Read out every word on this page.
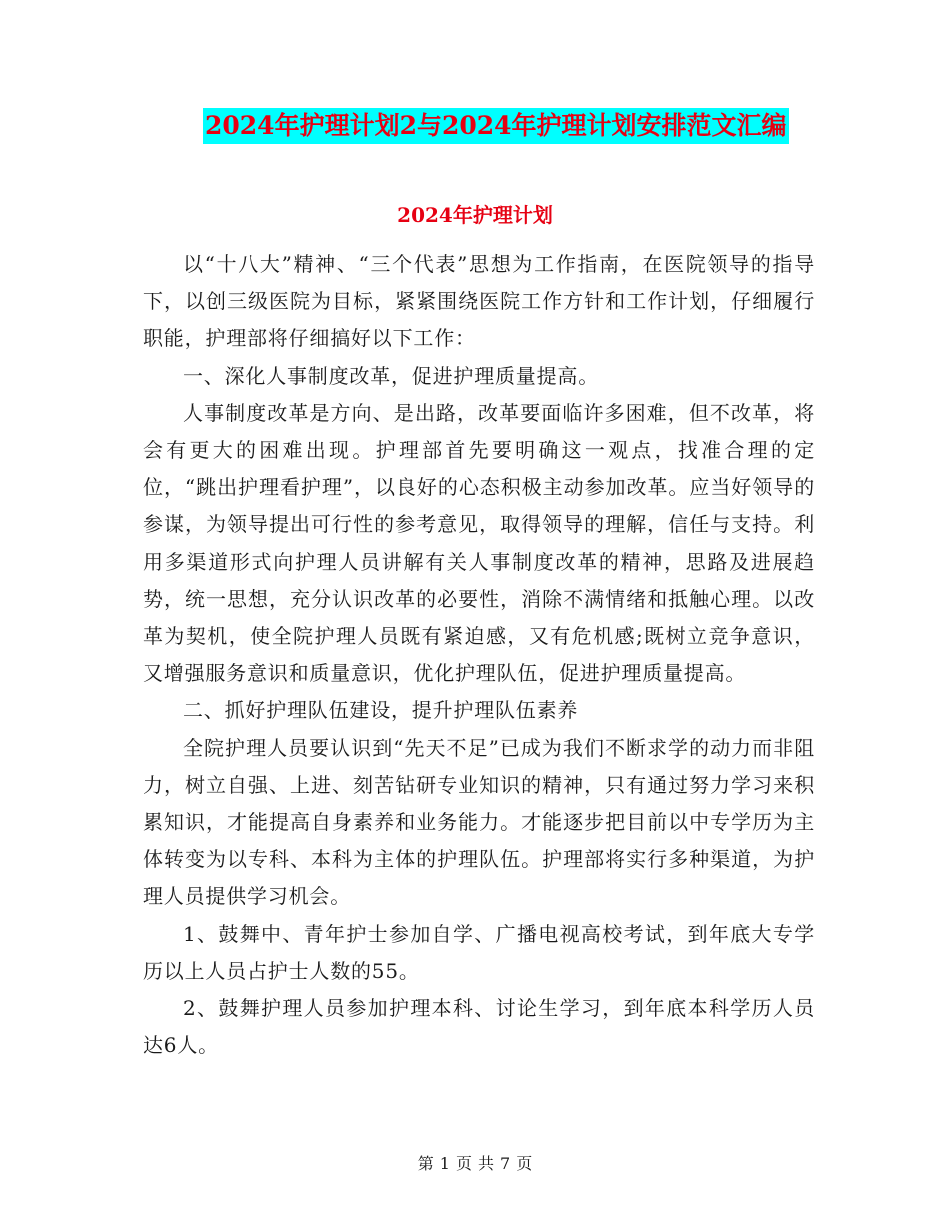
2024年护理计划2与2024年护理计划安排范文汇编
2024年护理计划

以“十八大”精神、“三个代表”思想为工作指南，在医院领导的指导下，以创三级医院为目标，紧紧围绕医院工作方针和工作计划，仔细履行职能，护理部将仔细搞好以下工作：

一、深化人事制度改革，促进护理质量提高。

人事制度改革是方向、是出路，改革要面临许多困难，但不改革，将会有更大的困难出现。护理部首先要明确这一观点，找准合理的定位，“跳出护理看护理”，以良好的心态积极主动参加改革。应当好领导的参谋，为领导提出可行性的参考意见，取得领导的理解，信任与支持。利用多渠道形式向护理人员讲解有关人事制度改革的精神，思路及进展趋势，统一思想，充分认识改革的必要性，消除不满情绪和抵触心理。以改革为契机，使全院护理人员既有紧迫感，又有危机感;既树立竞争意识，又增强服务意识和质量意识，优化护理队伍，促进护理质量提高。

二、抓好护理队伍建设，提升护理队伍素养

全院护理人员要认识到“先天不足”已成为我们不断求学的动力而非阻力，树立自强、上进、刻苦钻研专业知识的精神，只有通过努力学习来积累知识，才能提高自身素养和业务能力。才能逐步把目前以中专学历为主体转变为以专科、本科为主体的护理队伍。护理部将实行多种渠道，为护理人员提供学习机会。

1、鼓舞中、青年护士参加自学、广播电视高校考试，到年底大专学历以上人员占护士人数的55。

2、鼓舞护理人员参加护理本科、讨论生学习，到年底本科学历人员达6人。

第 1 页 共 7 页
